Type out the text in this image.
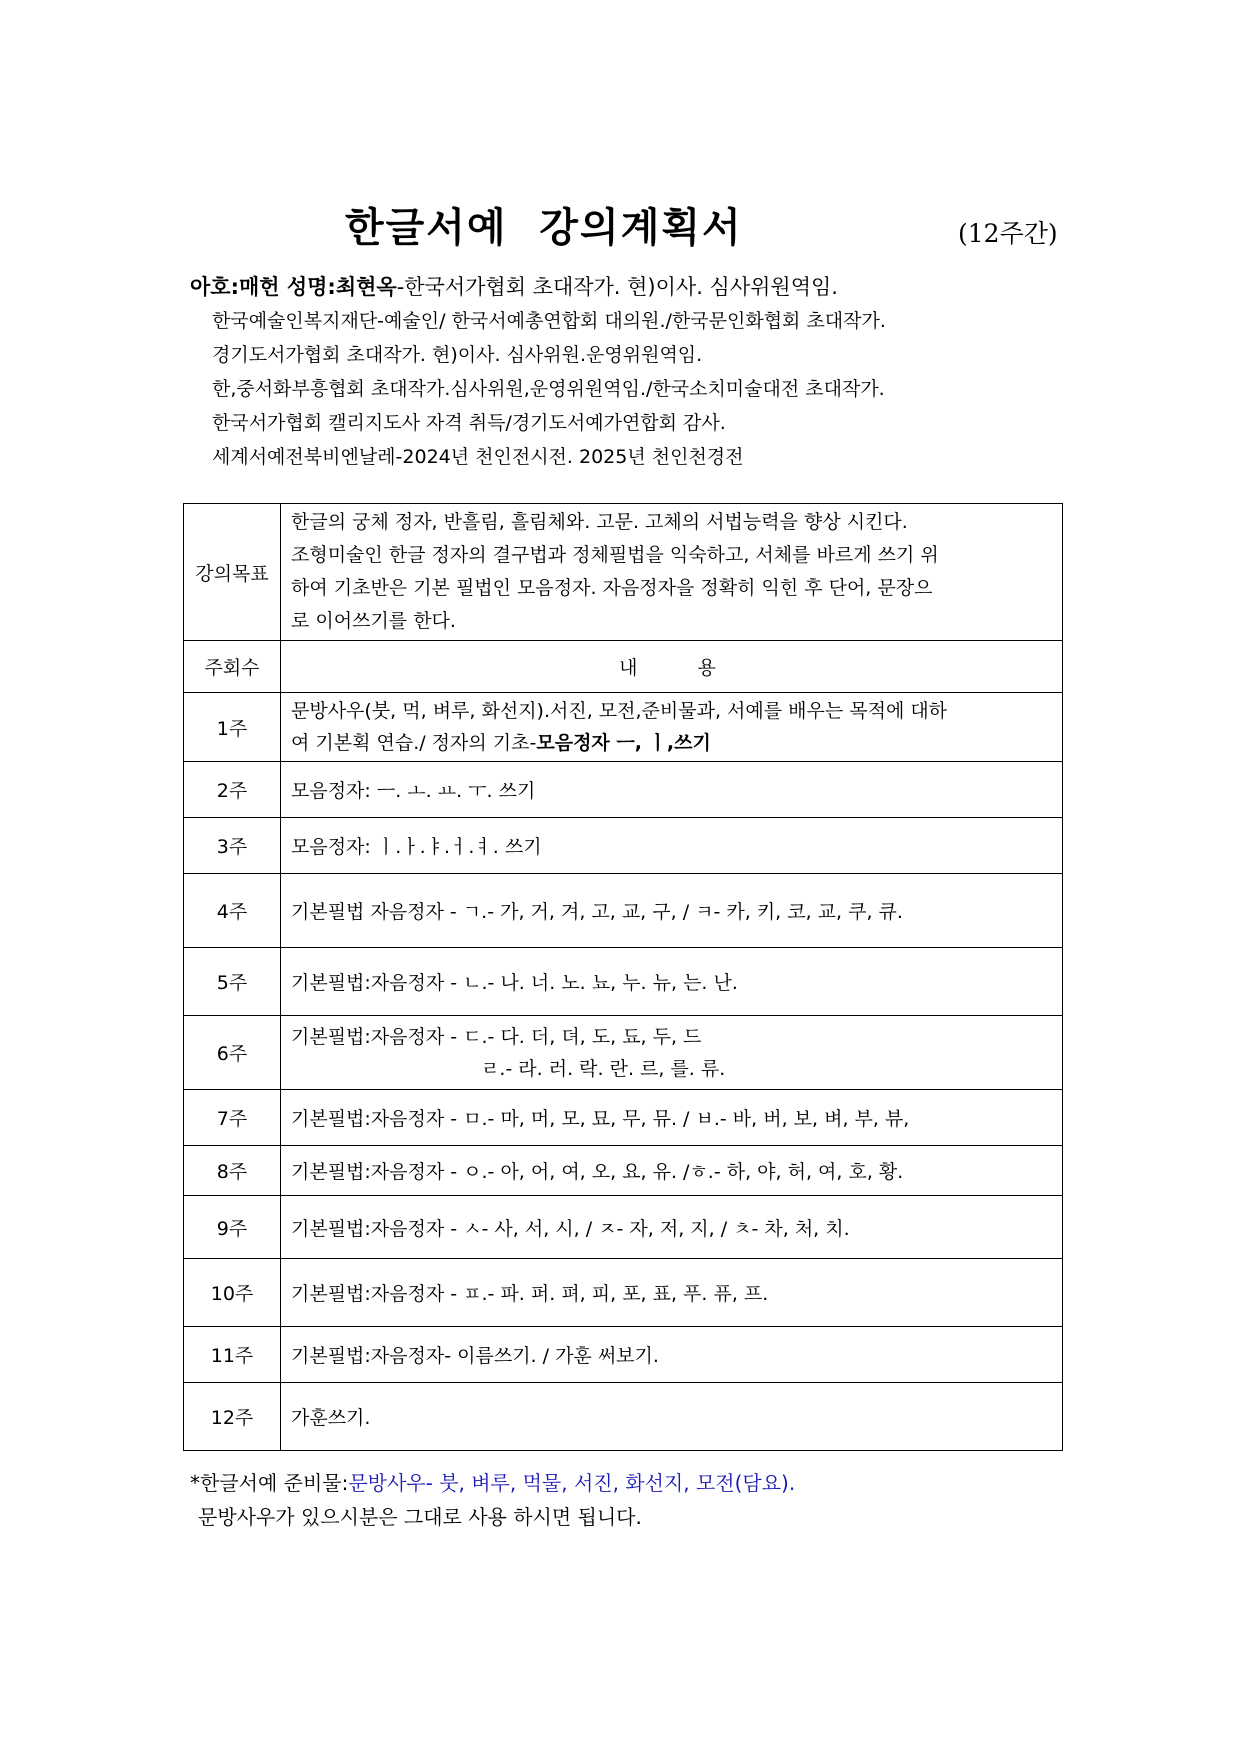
한글서예  강의계획서	(12주간)
아호:매헌 성명:최현옥-한국서가협회 초대작가. 현)이사. 심사위원역임.
한국예술인복지재단-예술인/ 한국서예총연합회 대의원./한국문인화협회 초대작가.
경기도서가협회 초대작가. 현)이사. 심사위원.운영위원역임.
한,중서화부흥협회 초대작가.심사위원,운영위원역임./한국소치미술대전 초대작가.
한국서가협회 캘리지도사 자격 취득/경기도서예가연합회 감사.
세계서예전북비엔날레-2024년 천인전시전. 2025년 천인천경전
강의목표	한글의 궁체 정자, 반흘림, 흘림체와. 고문. 고체의 서법능력을 향상 시킨다.
조형미술인 한글 정자의 결구법과 정체필법을 익숙하고, 서체를 바르게 쓰기 위
하여 기초반은 기본 필법인 모음정자. 자음정자을 정확히 익힌 후 단어, 문장으
로 이어쓰기를 한다.

주회수	내용
1주	문방사우(붓, 먹, 벼루, 화선지).서진, 모전,준비물과, 서예를 배우는 목적에 대하
여 기본획 연습./ 정자의 기초-모음정자 ㅡ, ㅣ,쓰기

2주	모음정자: ㅡ. ㅗ. ㅛ. ㅜ. 쓰기
3주	모음정자: ㅣ.ㅏ.ㅑ.ㅓ.ㅕ. 쓰기
4주	기본필법 자음정자 - ㄱ.- 가, 거, 겨, 고, 교, 구, / ㅋ- 카, 키, 코, 교, 쿠, 큐.
5주	기본필법:자음정자 - ㄴ.- 나. 너. 노. 뇨, 누. 뉴, 는. 난.
6주	기본필법:자음정자 - ㄷ.- 다. 더, 뎌, 도, 됴, 두, 드
ㄹ.- 라. 러. 락. 란. 르, 를. 류.

7주	기본필법:자음정자 - ㅁ.- 마, 머, 모, 묘, 무, 뮤. / ㅂ.- 바, 버, 보, 벼, 부, 뷰,
8주	기본필법:자음정자 - ㅇ.- 아, 어, 여, 오, 요, 유. /ㅎ.- 하, 야, 허, 여, 호, 황.
9주	기본필법:자음정자 - ㅅ- 사, 서, 시, / ㅈ- 자, 저, 지, / ㅊ- 차, 처, 치.
10주	기본필법:자음정자 - ㅍ.- 파. 퍼. 펴, 피, 포, 표, 푸. 퓨, 프.
11주	기본필법:자음정자- 이름쓰기. / 가훈 써보기.
12주	가훈쓰기.
*한글서예 준비물:문방사우- 붓, 벼루, 먹물, 서진, 화선지, 모전(담요).
문방사우가 있으시분은 그대로 사용 하시면 됩니다.
